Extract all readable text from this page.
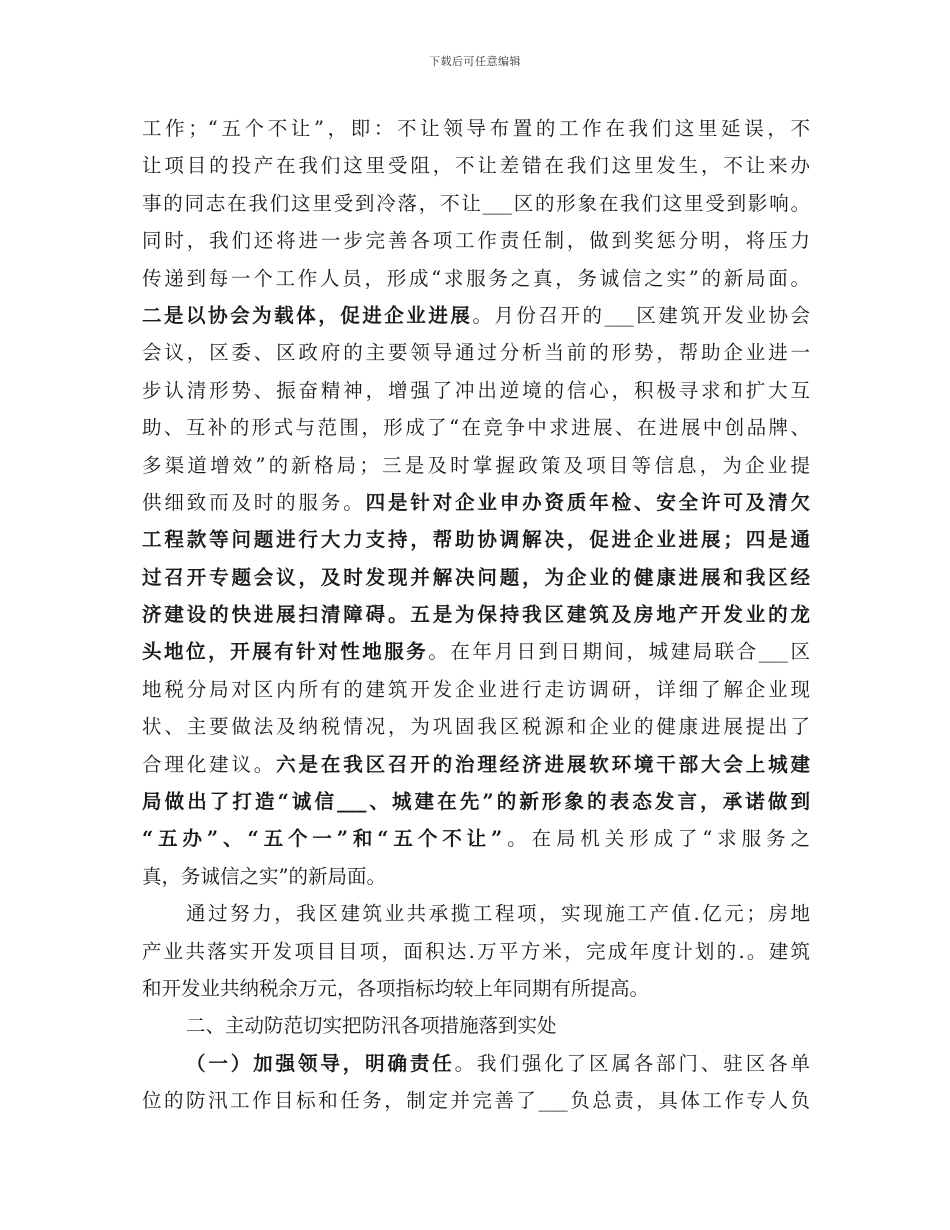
下载后可任意编辑
工作；“五个不让”，即：不让领导布置的工作在我们这里延误，不
让项目的投产在我们这里受阻，不让差错在我们这里发生，不让来办
事的同志在我们这里受到冷落，不让___区的形象在我们这里受到影响。
同时，我们还将进一步完善各项工作责任制，做到奖惩分明，将压力
传递到每一个工作人员，形成“求服务之真，务诚信之实”的新局面。
二是以协会为载体，促进企业进展。月份召开的___区建筑开发业协会
会议，区委、区政府的主要领导通过分析当前的形势，帮助企业进一
步认清形势、振奋精神，增强了冲出逆境的信心，积极寻求和扩大互
助、互补的形式与范围，形成了“在竞争中求进展、在进展中创品牌、
多渠道增效”的新格局；三是及时掌握政策及项目等信息，为企业提
供细致而及时的服务。四是针对企业申办资质年检、安全许可及清欠
工程款等问题进行大力支持，帮助协调解决，促进企业进展；四是通
过召开专题会议，及时发现并解决问题，为企业的健康进展和我区经
济建设的快进展扫清障碍。五是为保持我区建筑及房地产开发业的龙
头地位，开展有针对性地服务。在年月日到日期间，城建局联合___区
地税分局对区内所有的建筑开发企业进行走访调研，详细了解企业现
状、主要做法及纳税情况，为巩固我区税源和企业的健康进展提出了
合理化建议。六是在我区召开的治理经济进展软环境干部大会上城建
局做出了打造“诚信___、城建在先”的新形象的表态发言，承诺做到
“五办”、“五个一”和“五个不让”。在局机关形成了“求服务之
真，务诚信之实”的新局面。
通过努力，我区建筑业共承揽工程项，实现施工产值.亿元；房地
产业共落实开发项目目项，面积达.万平方米，完成年度计划的.。建筑
和开发业共纳税余万元，各项指标均较上年同期有所提高。
二、主动防范切实把防汛各项措施落到实处
（一）加强领导，明确责任。我们强化了区属各部门、驻区各单
位的防汛工作目标和任务，制定并完善了___负总责，具体工作专人负
